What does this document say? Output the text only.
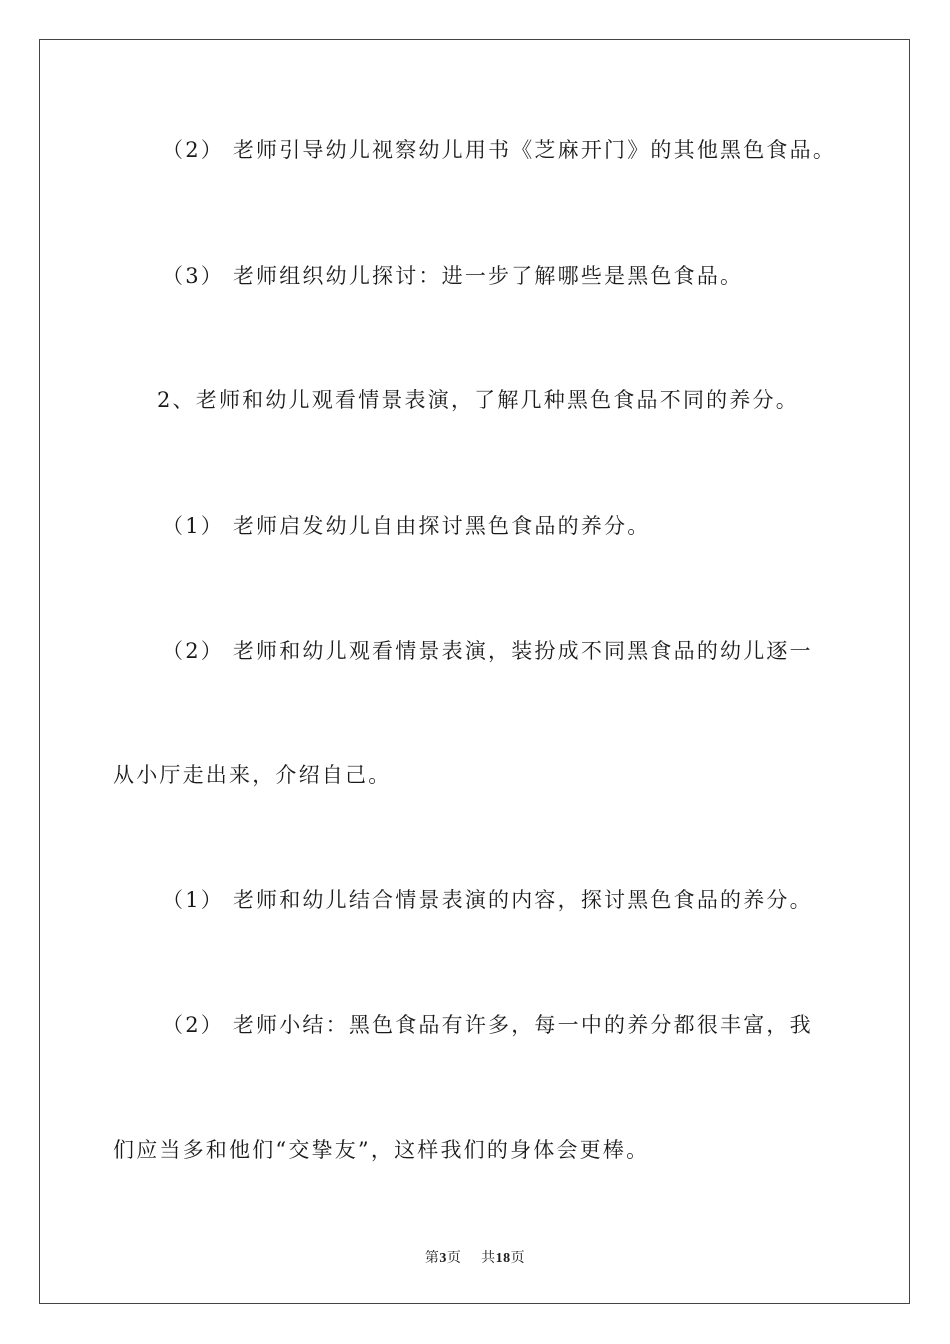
（2） 老师引导幼儿视察幼儿用书《芝麻开门》的其他黑色食品。
（3） 老师组织幼儿探讨：进一步了解哪些是黑色食品。
2、老师和幼儿观看情景表演，了解几种黑色食品不同的养分。
（1） 老师启发幼儿自由探讨黑色食品的养分。
（2） 老师和幼儿观看情景表演，装扮成不同黑食品的幼儿逐一
从小厅走出来，介绍自己。
（1） 老师和幼儿结合情景表演的内容，探讨黑色食品的养分。
（2） 老师小结：黑色食品有许多，每一中的养分都很丰富，我
们应当多和他们“交挚友”，这样我们的身体会更棒。
第3页 共18页
